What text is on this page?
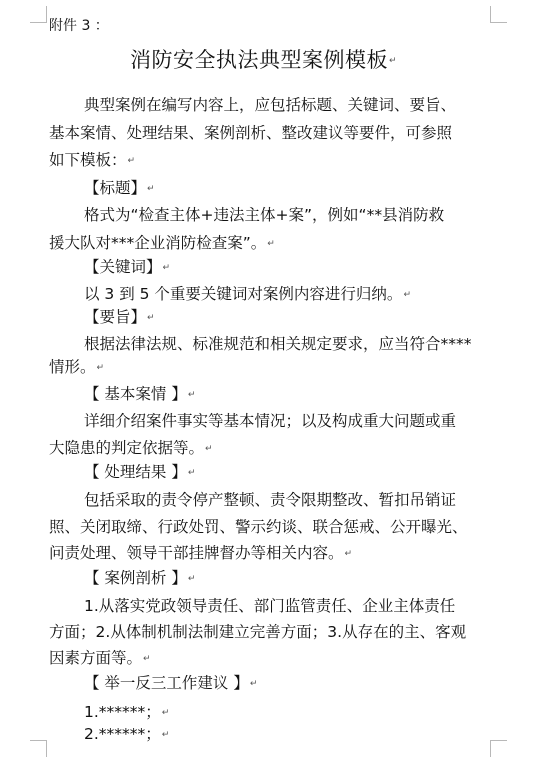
附件 3 ：
消防安全执法典型案例模板↵
典型案例在编写内容上，应包括标题、关键词、要旨、
基本案情、处理结果、案例剖析、整改建议等要件，可参照
如下模板：↵
【标题】↵
格式为“检查主体+违法主体+案”，例如“**县消防救
援大队对***企业消防检查案”。↵
【关键词】↵
以 3 到 5 个重要关键词对案例内容进行归纳。↵
【要旨】↵
根据法律法规、标准规范和相关规定要求，应当符合****
情形。↵
【 基本案情 】↵
详细介绍案件事实等基本情况；以及构成重大问题或重
大隐患的判定依据等。↵
【 处理结果 】↵
包括采取的责令停产整顿、责令限期整改、暂扣吊销证
照、关闭取缔、行政处罚、警示约谈、联合惩戒、公开曝光、
问责处理、领导干部挂牌督办等相关内容。↵
【 案例剖析 】↵
1.从落实党政领导责任、部门监管责任、企业主体责任
方面；2.从体制机制法制建立完善方面；3.从存在的主、客观
因素方面等。↵
【 举一反三工作建议 】↵
1.******；↵
2.******；↵
